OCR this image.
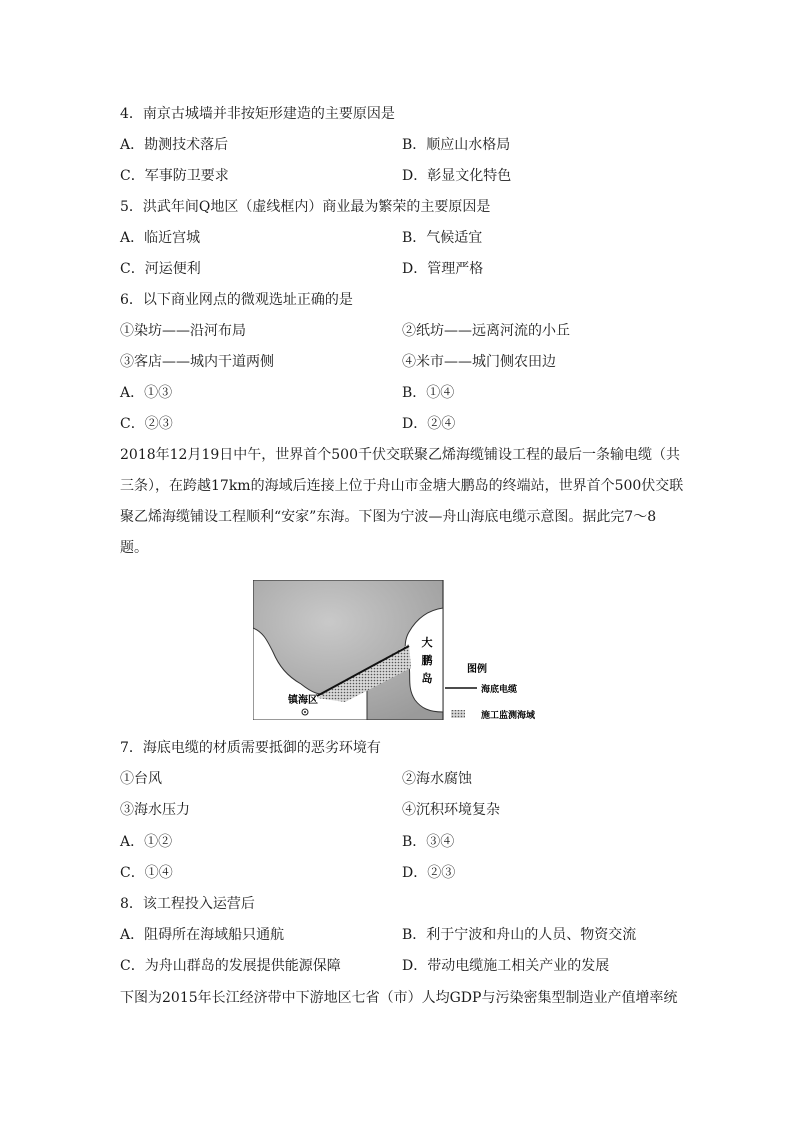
4．南京古城墙并非按矩形建造的主要原因是
A．勘测技术落后	B．顺应山水格局
C．军事防卫要求	D．彰显文化特色
5．洪武年间Q地区（虚线框内）商业最为繁荣的主要原因是
A．临近宫城	B．气候适宜
C．河运便利	D．管理严格
6．以下商业网点的微观选址正确的是
①染坊——沿河布局	②纸坊——远离河流的小丘
③客店——城内干道两侧	④米市——城门侧农田边
A．①③	B．①④
C．②③	D．②④
2018年12月19日中午，世界首个500千伏交联聚乙烯海缆铺设工程的最后一条输电缆（共
三条），在跨越17km的海域后连接上位于舟山市金塘大鹏岛的终端站，世界首个500伏交联
聚乙烯海缆铺设工程顺利“安家”东海。下图为宁波—舟山海底电缆示意图。据此完7～8
题。
大
鹏
岛
镇海区
图例
海底电缆
施工监测海域
7．海底电缆的材质需要抵御的恶劣环境有
①台风	②海水腐蚀
③海水压力	④沉积环境复杂
A．①②	B．③④
C．①④	D．②③
8．该工程投入运营后
A．阻碍所在海域船只通航	B．利于宁波和舟山的人员、物资交流
C．为舟山群岛的发展提供能源保障	D．带动电缆施工相关产业的发展
下图为2015年长江经济带中下游地区七省（市）人均GDP与污染密集型制造业产值增率统
